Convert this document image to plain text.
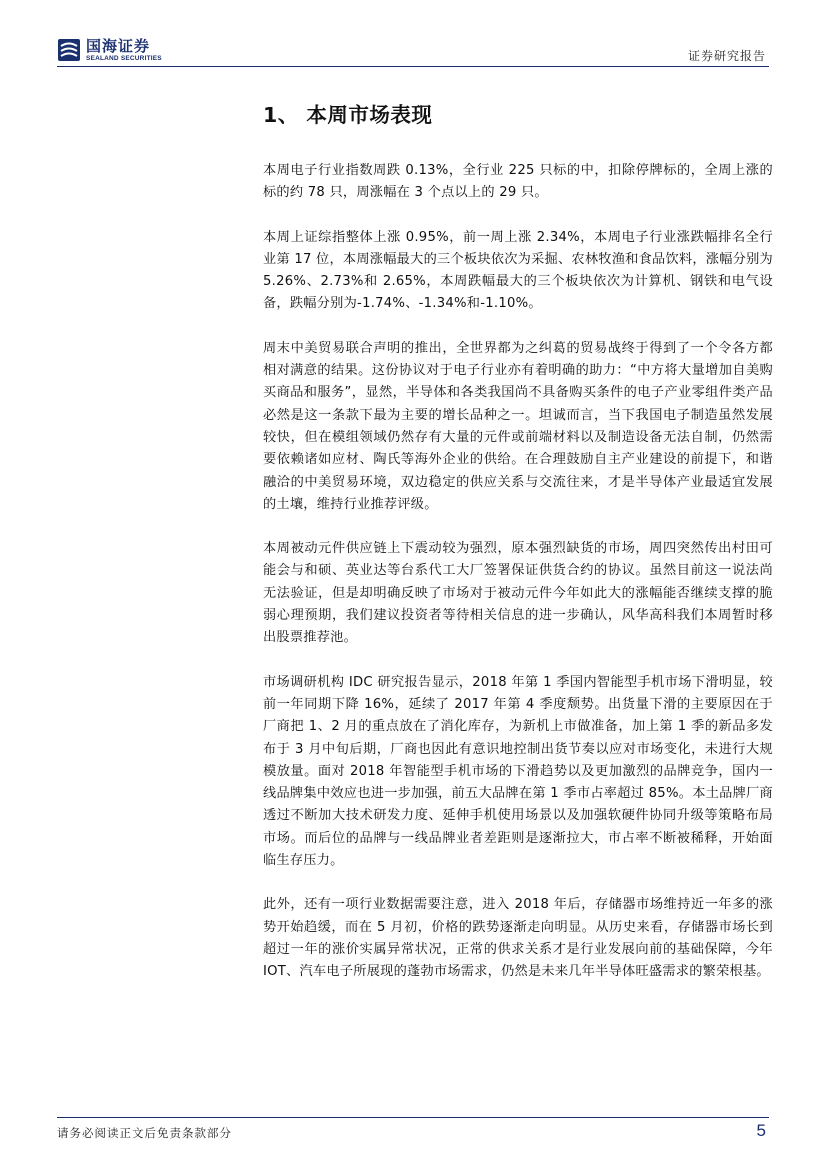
国海证券
SEALAND SECURITIES	证券研究报告
1、 本周市场表现

本周电子行业指数周跌 0.13%，全行业 225 只标的中，扣除停牌标的，全周上涨的标的约 78 只，周涨幅在 3 个点以上的 29 只。

本周上证综指整体上涨 0.95%，前一周上涨 2.34%，本周电子行业涨跌幅排名全行业第 17 位，本周涨幅最大的三个板块依次为采掘、农林牧渔和食品饮料，涨幅分别为 5.26%、2.73%和 2.65%，本周跌幅最大的三个板块依次为计算机、钢铁和电气设备，跌幅分别为-1.74%、-1.34%和-1.10%。

周末中美贸易联合声明的推出，全世界都为之纠葛的贸易战终于得到了一个令各方都相对满意的结果。这份协议对于电子行业亦有着明确的助力：“中方将大量增加自美购买商品和服务”，显然，半导体和各类我国尚不具备购买条件的电子产业零组件类产品必然是这一条款下最为主要的增长品种之一。坦诚而言，当下我国电子制造虽然发展较快，但在模组领域仍然存有大量的元件或前端材料以及制造设备无法自制，仍然需要依赖诸如应材、陶氏等海外企业的供给。在合理鼓励自主产业建设的前提下，和谐融洽的中美贸易环境，双边稳定的供应关系与交流往来，才是半导体产业最适宜发展的土壤，维持行业推荐评级。

本周被动元件供应链上下震动较为强烈，原本强烈缺货的市场，周四突然传出村田可能会与和硕、英业达等台系代工大厂签署保证供货合约的协议。虽然目前这一说法尚无法验证，但是却明确反映了市场对于被动元件今年如此大的涨幅能否继续支撑的脆弱心理预期，我们建议投资者等待相关信息的进一步确认，风华高科我们本周暂时移出股票推荐池。

市场调研机构 IDC 研究报告显示，2018 年第 1 季国内智能型手机市场下滑明显，较前一年同期下降 16%，延续了 2017 年第 4 季度颓势。出货量下滑的主要原因在于厂商把 1、2 月的重点放在了消化库存，为新机上市做准备，加上第 1 季的新品多发布于 3 月中旬后期，厂商也因此有意识地控制出货节奏以应对市场变化，未进行大规模放量。面对 2018 年智能型手机市场的下滑趋势以及更加激烈的品牌竞争，国内一线品牌集中效应也进一步加强，前五大品牌在第 1 季市占率超过 85%。本土品牌厂商透过不断加大技术研发力度、延伸手机使用场景以及加强软硬件协同升级等策略布局市场。而后位的品牌与一线品牌业者差距则是逐渐拉大，市占率不断被稀释，开始面临生存压力。

此外，还有一项行业数据需要注意，进入 2018 年后，存储器市场维持近一年多的涨势开始趋缓，而在 5 月初，价格的跌势逐渐走向明显。从历史来看，存储器市场长到超过一年的涨价实属异常状况，正常的供求关系才是行业发展向前的基础保障，今年 IOT、汽车电子所展现的蓬勃市场需求，仍然是未来几年半导体旺盛需求的繁荣根基。

请务必阅读正文后免责条款部分	5
